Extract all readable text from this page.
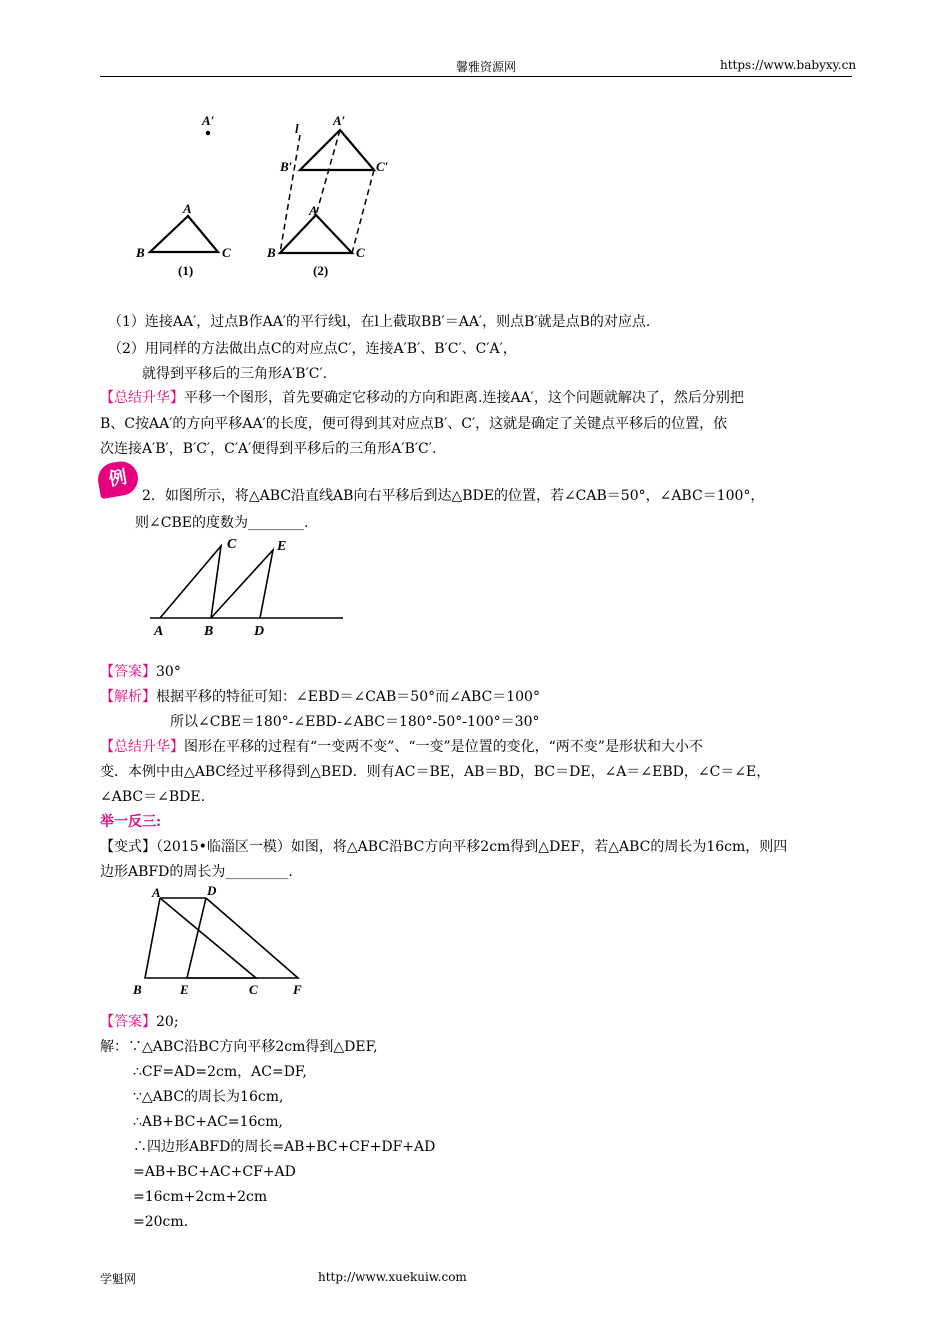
馨雅资源网	https://www.babyxy.cn
A′
A
B	C
(1)
l
A′
B′	C′
A
B	C
(2)
（1）连接AA′，过点B作AA′的平行线l，在l上截取BB′＝AA′，则点B′就是点B的对应点.
（2）用同样的方法做出点C的对应点C′，连接A′B′、B′C′、C′A′，
就得到平移后的三角形A′B′C′.
【总结升华】平移一个图形，首先要确定它移动的方向和距离.连接AA′，这个问题就解决了，然后分别把
B、C按AA′的方向平移AA′的长度，便可得到其对应点B′、C′，这就是确定了关键点平移后的位置，依
次连接A′B′，B′C′，C′A′便得到平移后的三角形A′B′C′.
例
2．如图所示，将△ABC沿直线AB向右平移后到达△BDE的位置，若∠CAB＝50°，∠ABC＝100°，
则∠CBE的度数为________.
C	E
A	B	D
【答案】30°
【解析】根据平移的特征可知：∠EBD＝∠CAB＝50°而∠ABC＝100°
所以∠CBE＝180°-∠EBD-∠ABC＝180°-50°-100°＝30°
【总结升华】图形在平移的过程有“一变两不变”、“一变”是位置的变化，“两不变”是形状和大小不
变．本例中由△ABC经过平移得到△BED．则有AC＝BE，AB＝BD，BC＝DE，∠A＝∠EBD，∠C＝∠E，
∠ABC＝∠BDE.
举一反三:
【变式】（2015•临淄区一模）如图，将△ABC沿BC方向平移2cm得到△DEF，若△ABC的周长为16cm，则四
边形ABFD的周长为_________.
A	D
B	E	C	F
【答案】20;
解：∵△ABC沿BC方向平移2cm得到△DEF,
∴CF=AD=2cm，AC=DF,
∵△ABC的周长为16cm,
∴AB+BC+AC=16cm,
∴四边形ABFD的周长=AB+BC+CF+DF+AD
=AB+BC+AC+CF+AD
=16cm+2cm+2cm
=20cm.
学魁网	http://www.xuekuiw.com
